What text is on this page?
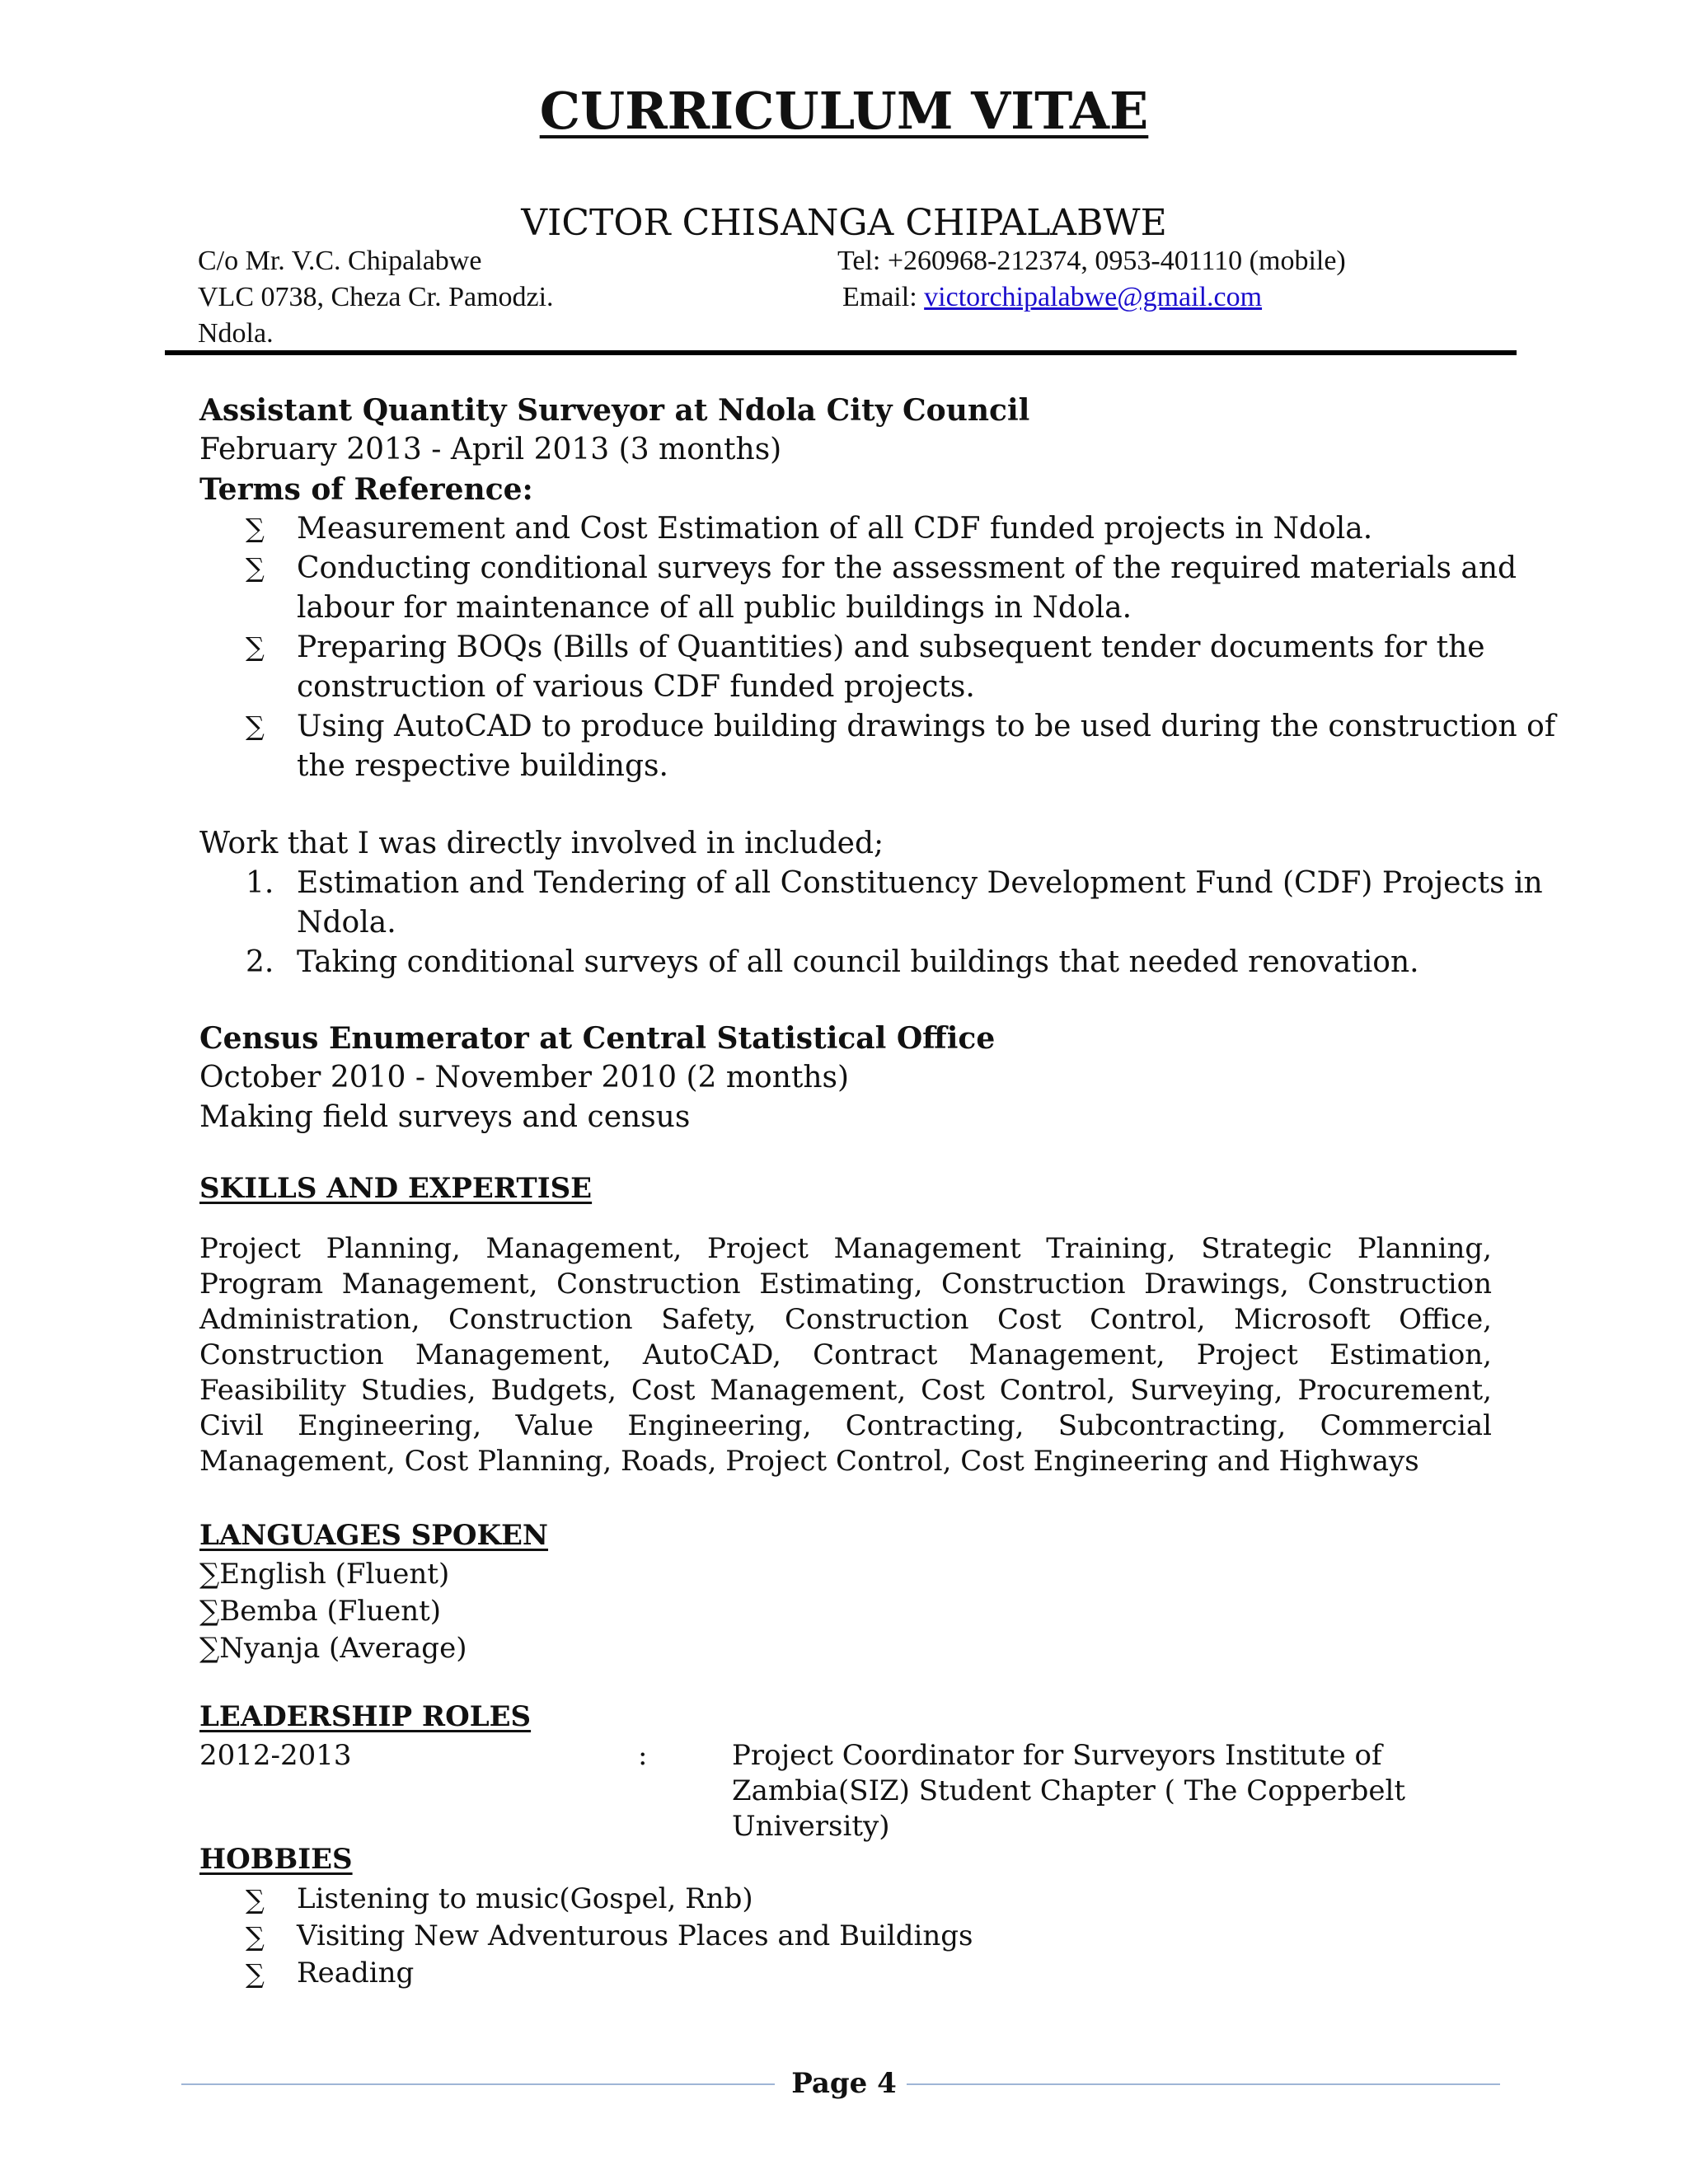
CURRICULUM VITAE
VICTOR CHISANGA CHIPALABWE
C/o Mr. V.C. Chipalabwe
VLC 0738, Cheza Cr. Pamodzi.
Ndola.
Tel: +260968-212374, 0953-401110 (mobile)
Email: victorchipalabwe@gmail.com
Assistant Quantity Surveyor at Ndola City Council
February 2013 - April 2013 (3 months)
Terms of Reference:
∑ Measurement and Cost Estimation of all CDF funded projects in Ndola.
∑ Conducting conditional surveys for the assessment of the required materials and
labour for maintenance of all public buildings in Ndola.
∑ Preparing BOQs (Bills of Quantities) and subsequent tender documents for the
construction of various CDF funded projects.
∑ Using AutoCAD to produce building drawings to be used during the construction of
the respective buildings.
Work that I was directly involved in included;
1. Estimation and Tendering of all Constituency Development Fund (CDF) Projects in
Ndola.
2. Taking conditional surveys of all council buildings that needed renovation.
Census Enumerator at Central Statistical Office
October 2010 - November 2010 (2 months)
Making field surveys and census
SKILLS AND EXPERTISE
Project Planning, Management, Project Management Training, Strategic Planning, Program Management, Construction Estimating, Construction Drawings, Construction Administration, Construction Safety, Construction Cost Control, Microsoft Office, Construction Management, AutoCAD, Contract Management, Project Estimation, Feasibility Studies, Budgets, Cost Management, Cost Control, Surveying, Procurement, Civil Engineering, Value Engineering, Contracting, Subcontracting, Commercial Management, Cost Planning, Roads, Project Control, Cost Engineering and Highways
LANGUAGES SPOKEN
∑English (Fluent)
∑Bemba (Fluent)
∑Nyanja (Average)
LEADERSHIP ROLES
2012-2013	:	Project Coordinator for Surveyors Institute of
Zambia(SIZ) Student Chapter ( The Copperbelt
University)
HOBBIES
∑ Listening to music(Gospel, Rnb)
∑ Visiting New Adventurous Places and Buildings
∑ Reading
Page 4
